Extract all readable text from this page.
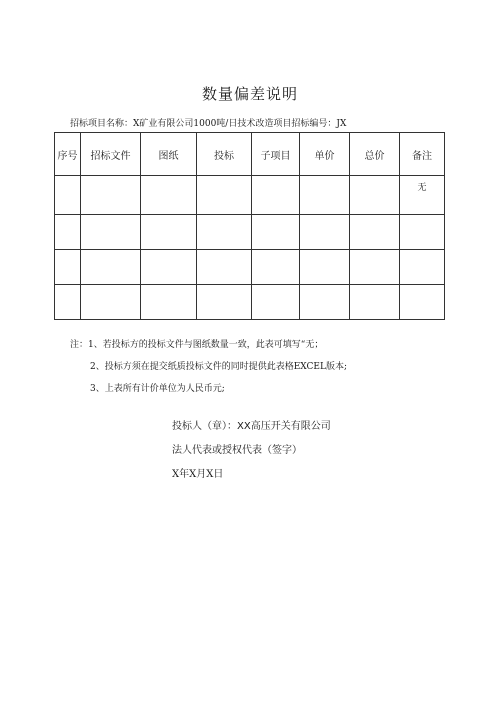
数量偏差说明
招标项目名称：X矿业有限公司1000吨/日技术改造项目招标编号：JX
序号	招标文件	图纸	投标	子项目	单价	总价	备注
							无

注：1、若投标方的投标文件与图纸数量一致，此表可填写“无；
2、投标方须在提交纸质投标文件的同时提供此表格EXCEL版本;
3、上表所有计价单位为人民币元;
投标人（章）：XX高压开关有限公司
法人代表或授权代表（签字）
X年X月X日
